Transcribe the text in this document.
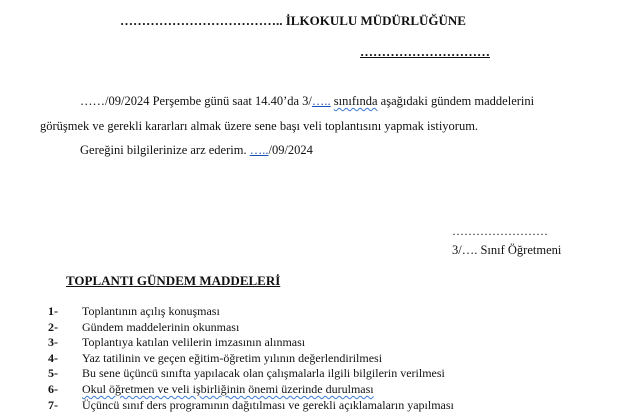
……………………………….. İLKOKULU MÜDÜRLÜĞÜNE
…………………………
……/09/2024 Perşembe günü saat 14.40’da 3/….. sınıfında aşağıdaki gündem maddelerini
görüşmek ve gerekli kararları almak üzere sene başı veli toplantısını yapmak istiyorum.
Gereğini bilgilerinize arz ederim. …../09/2024
……………………
3/…. Sınıf Öğretmeni
TOPLANTI GÜNDEM MADDELERİ
1- Toplantının açılış konuşması
2- Gündem maddelerinin okunması
3- Toplantıya katılan velilerin imzasının alınması
4- Yaz tatilinin ve geçen eğitim-öğretim yılının değerlendirilmesi
5- Bu sene üçüncü sınıfta yapılacak olan çalışmalarla ilgili bilgilerin verilmesi
6- Okul öğretmen ve veli işbirliğinin önemi üzerinde durulması
7- Üçüncü sınıf ders programının dağıtılması ve gerekli açıklamaların yapılması
